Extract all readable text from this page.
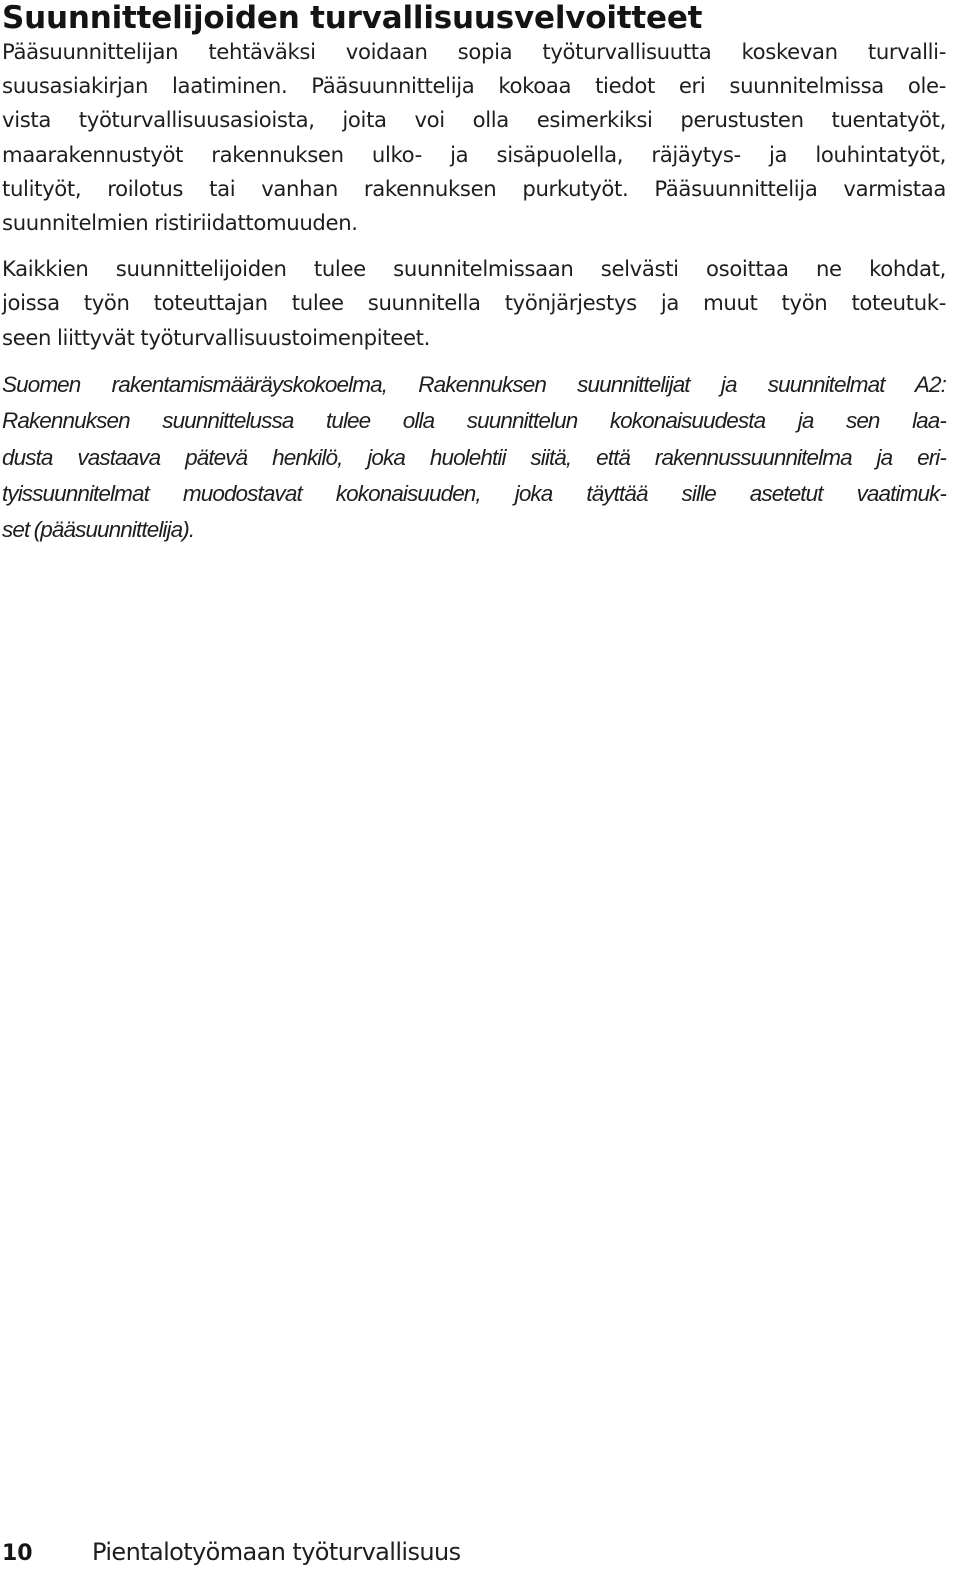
Suunnittelijoiden turvallisuusvelvoitteet

Pääsuunnittelijan tehtäväksi voidaan sopia työturvallisuutta koskevan turvalli-
suusasiakirjan laatiminen. Pääsuunnittelija kokoaa tiedot eri suunnitelmissa ole-
vista työturvallisuusasioista, joita voi olla esimerkiksi perustusten tuentatyöt,
maarakennustyöt rakennuksen ulko- ja sisäpuolella, räjäytys- ja louhintatyöt,
tulityöt, roilotus tai vanhan rakennuksen purkutyöt. Pääsuunnittelija varmistaa
suunnitelmien ristiriidattomuuden.

Kaikkien suunnittelijoiden tulee suunnitelmissaan selvästi osoittaa ne kohdat,
joissa työn toteuttajan tulee suunnitella työnjärjestys ja muut työn toteutuk-
seen liittyvät työturvallisuustoimenpiteet.

Suomen rakentamismääräyskokoelma, Rakennuksen suunnittelijat ja suunnitelmat A2:
Rakennuksen suunnittelussa tulee olla suunnittelun kokonaisuudesta ja sen laa-
dusta vastaava pätevä henkilö, joka huolehtii siitä, että rakennussuunnitelma ja eri-
tyissuunnitelmat muodostavat kokonaisuuden, joka täyttää sille asetetut vaatimuk-
set (pääsuunnittelija).

10	Pientalotyömaan työturvallisuus
